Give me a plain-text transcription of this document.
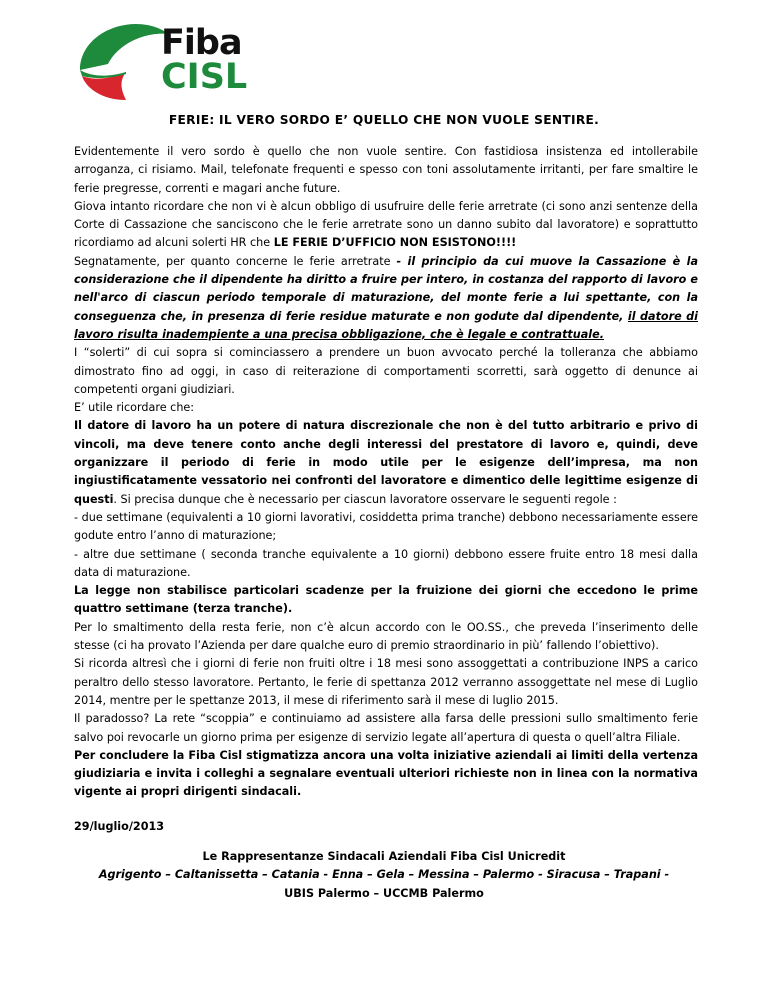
Fiba
CISL
FERIE: IL VERO SORDO E’ QUELLO CHE NON VUOLE SENTIRE.

Evidentemente il vero sordo è quello che non vuole sentire. Con fastidiosa insistenza ed intollerabile arroganza, ci risiamo. Mail, telefonate frequenti e spesso con toni assolutamente irritanti, per fare smaltire le ferie pregresse, correnti e magari anche future.

Giova intanto ricordare che non vi è alcun obbligo di usufruire delle ferie arretrate (ci sono anzi sentenze della Corte di Cassazione che sanciscono che le ferie arretrate sono un danno subito dal lavoratore) e soprattutto ricordiamo ad alcuni solerti HR che LE FERIE D’UFFICIO NON ESISTONO!!!!

Segnatamente, per quanto concerne le ferie arretrate - il principio da cui muove la Cassazione è la considerazione che il dipendente ha diritto a fruire per intero, in costanza del rapporto di lavoro e nell'arco di ciascun periodo temporale di maturazione, del monte ferie a lui spettante, con la conseguenza che, in presenza di ferie residue maturate e non godute dal dipendente, il datore di lavoro risulta inadempiente a una precisa obbligazione, che è legale e contrattuale.

I “solerti” di cui sopra si cominciassero a prendere un buon avvocato perché la tolleranza che abbiamo dimostrato fino ad oggi, in caso di reiterazione di comportamenti scorretti, sarà oggetto di denunce ai competenti organi giudiziari.

E’ utile ricordare che:

Il datore di lavoro ha un potere di natura discrezionale che non è del tutto arbitrario e privo di vincoli, ma deve tenere conto anche degli interessi del prestatore di lavoro e, quindi, deve organizzare il periodo di ferie in modo utile per le esigenze dell’impresa, ma non ingiustificatamente vessatorio nei confronti del lavoratore e dimentico delle legittime esigenze di questi. Si precisa dunque che è necessario per ciascun lavoratore osservare le seguenti regole :

- due settimane (equivalenti a 10 giorni lavorativi, cosiddetta prima tranche) debbono necessariamente essere godute entro l’anno di maturazione;

- altre due settimane ( seconda tranche equivalente a 10 giorni) debbono essere fruite entro 18 mesi dalla data di maturazione.

La legge non stabilisce particolari scadenze per la fruizione dei giorni che eccedono le prime quattro settimane (terza tranche).

Per lo smaltimento della resta ferie, non c’è alcun accordo con le OO.SS., che preveda l’inserimento delle stesse (ci ha provato l’Azienda per dare qualche euro di premio straordinario in più’ fallendo l’obiettivo).

Si ricorda altresì che i giorni di ferie non fruiti oltre i 18 mesi sono assoggettati a contribuzione INPS a carico peraltro dello stesso lavoratore. Pertanto, le ferie di spettanza 2012 verranno assoggettate nel mese di Luglio 2014, mentre per le spettanze 2013, il mese di riferimento sarà il mese di luglio 2015.

Il paradosso? La rete “scoppia” e continuiamo ad assistere alla farsa delle pressioni sullo smaltimento ferie salvo poi revocarle un giorno prima per esigenze di servizio legate all’apertura di questa o quell’altra Filiale.

Per concludere la Fiba Cisl stigmatizza ancora una volta iniziative aziendali ai limiti della vertenza giudiziaria e invita i colleghi a segnalare eventuali ulteriori richieste non in linea con la normativa vigente ai propri dirigenti sindacali.

29/luglio/2013
Le Rappresentanze Sindacali Aziendali Fiba Cisl Unicredit
Agrigento – Caltanissetta – Catania - Enna – Gela – Messina – Palermo - Siracusa – Trapani -
UBIS Palermo – UCCMB Palermo
